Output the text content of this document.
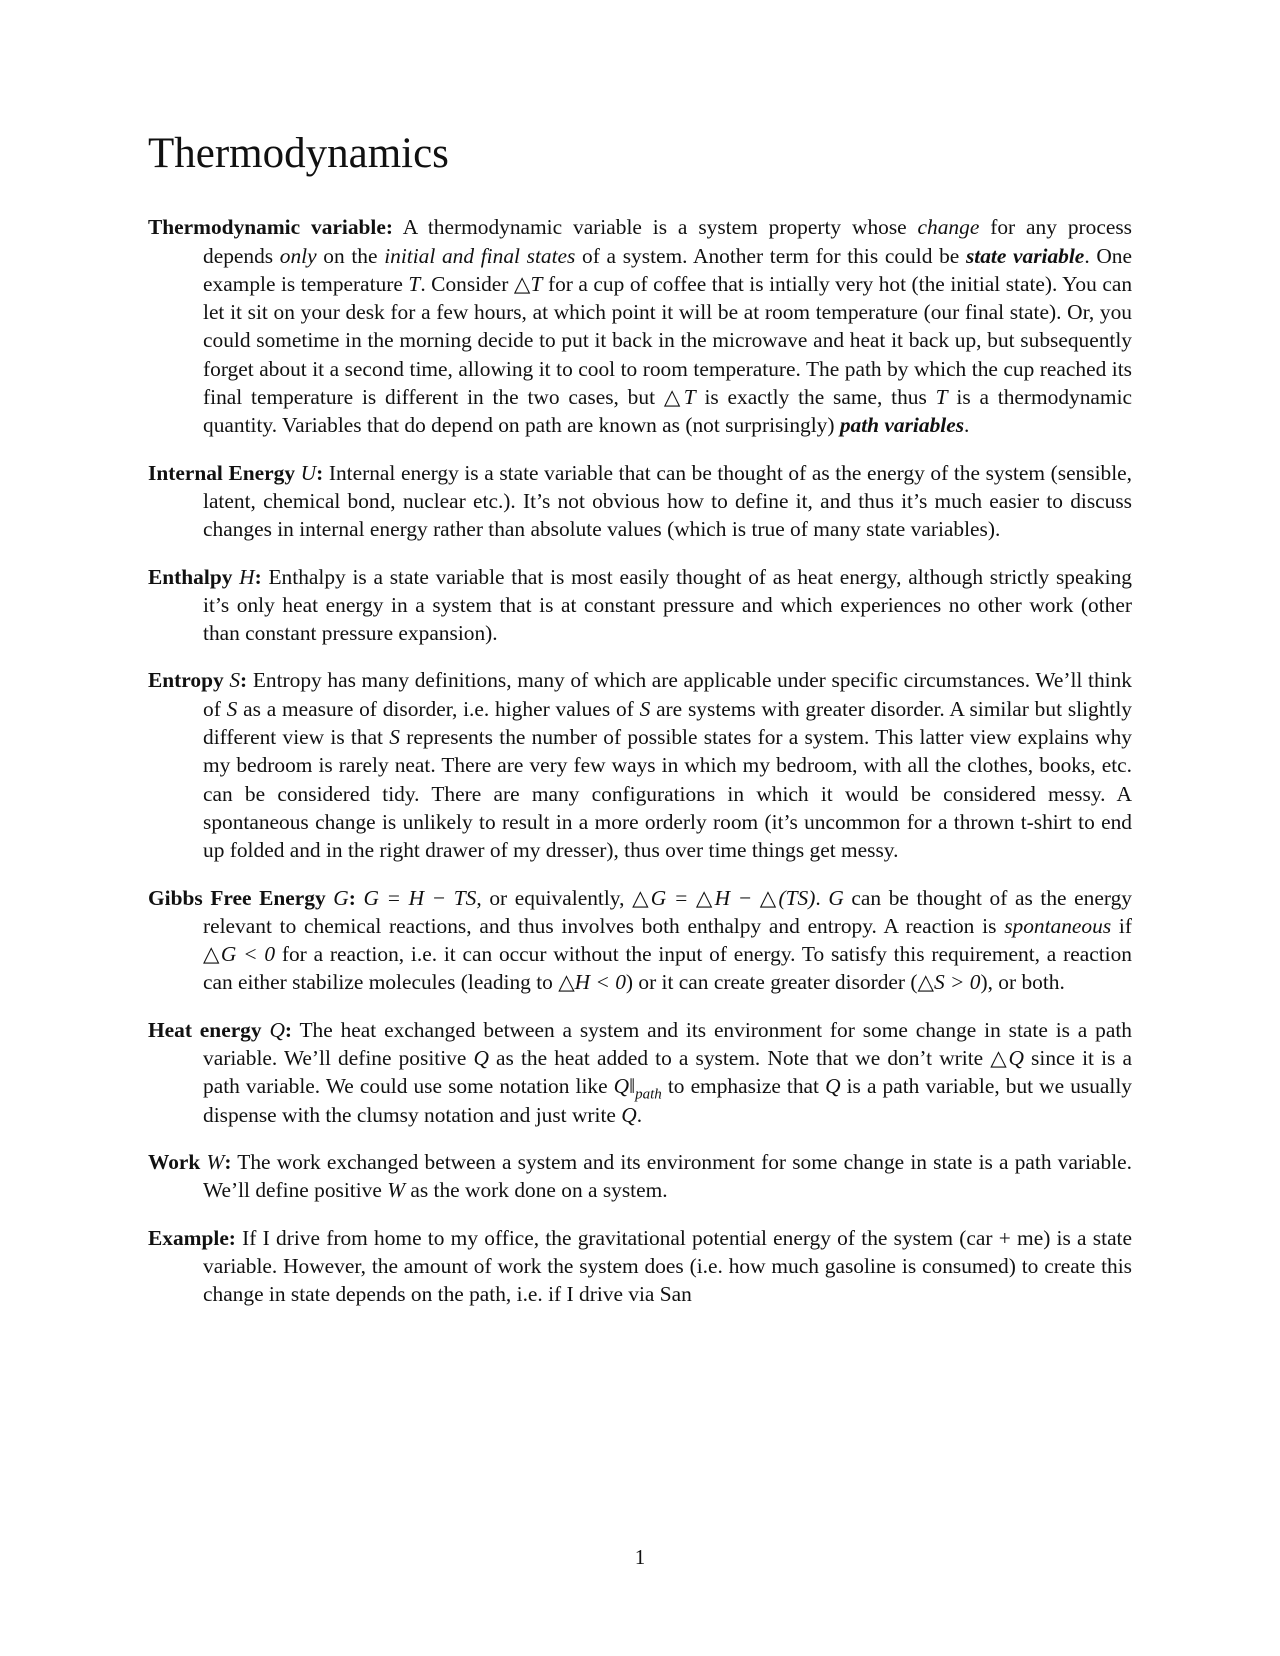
Thermodynamics

Thermodynamic variable: A thermodynamic variable is a system property whose change for any process depends only on the initial and final states of a system. Another term for this could be state variable. One example is temperature T. Consider △T for a cup of coffee that is intially very hot (the initial state). You can let it sit on your desk for a few hours, at which point it will be at room temperature (our final state). Or, you could sometime in the morning decide to put it back in the microwave and heat it back up, but subsequently forget about it a second time, allowing it to cool to room temperature. The path by which the cup reached its final temperature is different in the two cases, but △T is exactly the same, thus T is a thermodynamic quantity. Variables that do depend on path are known as (not surprisingly) path variables.

Internal Energy U: Internal energy is a state variable that can be thought of as the energy of the system (sensible, latent, chemical bond, nuclear etc.). It’s not obvious how to define it, and thus it’s much easier to discuss changes in internal energy rather than absolute values (which is true of many state variables).

Enthalpy H: Enthalpy is a state variable that is most easily thought of as heat energy, although strictly speaking it’s only heat energy in a system that is at constant pressure and which experiences no other work (other than constant pressure expansion).

Entropy S: Entropy has many definitions, many of which are applicable under specific circumstances. We’ll think of S as a measure of disorder, i.e. higher values of S are systems with greater disorder. A similar but slightly different view is that S represents the number of possible states for a system. This latter view explains why my bedroom is rarely neat. There are very few ways in which my bedroom, with all the clothes, books, etc. can be considered tidy. There are many configurations in which it would be considered messy. A spontaneous change is unlikely to result in a more orderly room (it’s uncommon for a thrown t-shirt to end up folded and in the right drawer of my dresser), thus over time things get messy.

Gibbs Free Energy G: G = H − TS, or equivalently, △G = △H − △(TS). G can be thought of as the energy relevant to chemical reactions, and thus involves both enthalpy and entropy. A reaction is spontaneous if △G < 0 for a reaction, i.e. it can occur without the input of energy. To satisfy this requirement, a reaction can either stabilize molecules (leading to △H < 0) or it can create greater disorder (△S > 0), or both.

Heat energy Q: The heat exchanged between a system and its environment for some change in state is a path variable. We’ll define positive Q as the heat added to a system. Note that we don’t write △Q since it is a path variable. We could use some notation like $Q‖_{path}$ to emphasize that Q is a path variable, but we usually dispense with the clumsy notation and just write Q.

Work W: The work exchanged between a system and its environment for some change in state is a path variable. We’ll define positive W as the work done on a system.

Example: If I drive from home to my office, the gravitational potential energy of the system (car + me) is a state variable. However, the amount of work the system does (i.e. how much gasoline is consumed) to create this change in state depends on the path, i.e. if I drive via San

1
